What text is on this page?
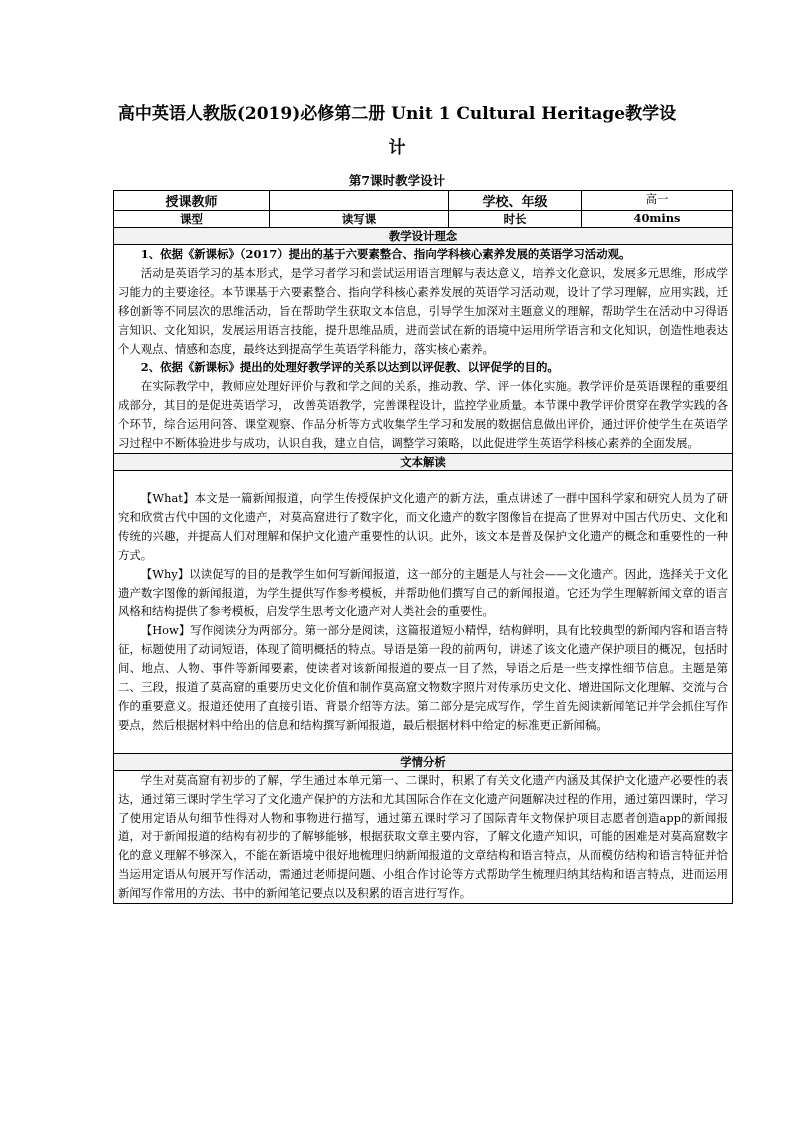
高中英语人教版(2019)必修第二册 Unit 1 Cultural Heritage教学设计
第7课时教学设计
授课教师		学校、年级	高一
课型	读写课	时长	40mins
教学设计理念			

1、依据《新课标》（2017）提出的基于六要素整合、指向学科核心素养发展的英语学习活动观。

活动是英语学习的基本形式，是学习者学习和尝试运用语言理解与表达意义，培养文化意识，发展多元思维，形成学习能力的主要途径。本节课基于六要素整合、指向学科核心素养发展的英语学习活动观，设计了学习理解，应用实践，迁移创新等不同层次的思维活动，旨在帮助学生获取文本信息，引导学生加深对主题意义的理解，帮助学生在活动中习得语言知识、文化知识，发展运用语言技能，提升思维品质，进而尝试在新的语境中运用所学语言和文化知识，创造性地表达个人观点、情感和态度，最终达到提高学生英语学科能力，落实核心素养。

2、依据《新课标》提出的处理好教学评的关系以达到以评促教、以评促学的目的。

在实际教学中，教师应处理好评价与教和学之间的关系，推动教、学、评一体化实施。教学评价是英语课程的重要组成部分，其目的是促进英语学习， 改善英语教学，完善课程设计，监控学业质量。本节课中教学评价贯穿在教学实践的各个环节，综合运用问答、课堂观察、作品分析等方式收集学生学习和发展的数据信息做出评价，通过评价使学生在英语学习过程中不断体验进步与成功，认识自我，建立自信，调整学习策略，以此促进学生英语学科核心素养的全面发展。			

文本解读			

【What】本文是一篇新闻报道，向学生传授保护文化遗产的新方法，重点讲述了一群中国科学家和研究人员为了研究和欣赏古代中国的文化遗产，对莫高窟进行了数字化，而文化遗产的数字图像旨在提高了世界对中国古代历史、文化和传统的兴趣，并提高人们对理解和保护文化遗产重要性的认识。此外，该文本是普及保护文化遗产的概念和重要性的一种方式。

【Why】以读促写的目的是教学生如何写新闻报道，这一部分的主题是人与社会——文化遗产。因此，选择关于文化遗产数字图像的新闻报道，为学生提供写作参考模板，并帮助他们撰写自己的新闻报道。它还为学生理解新闻文章的语言风格和结构提供了参考模板，启发学生思考文化遗产对人类社会的重要性。

【How】写作阅读分为两部分。第一部分是阅读，这篇报道短小精悍，结构鲜明，具有比较典型的新闻内容和语言特征，标题使用了动词短语，体现了简明概括的特点。导语是第一段的前两句，讲述了该文化遗产保护项目的概况，包括时间、地点、人物、事件等新闻要素，使读者对该新闻报道的要点一目了然，导语之后是一些支撑性细节信息。主题是第二、三段，报道了莫高窟的重要历史文化价值和制作莫高窟文物数字照片对传承历史文化、增进国际文化理解、交流与合作的重要意义。报道还使用了直接引语、背景介绍等方法。第二部分是完成写作，学生首先阅读新闻笔记并学会抓住写作要点，然后根据材料中给出的信息和结构撰写新闻报道，最后根据材料中给定的标准更正新闻稿。			

学情分析			

学生对莫高窟有初步的了解，学生通过本单元第一、二课时，积累了有关文化遗产内涵及其保护文化遗产必要性的表达，通过第三课时学生学习了文化遗产保护的方法和尤其国际合作在文化遗产问题解决过程的作用，通过第四课时，学习了使用定语从句细节性得对人物和事物进行描写，通过第五课时学习了国际青年文物保护项目志愿者创造app的新闻报道，对于新闻报道的结构有初步的了解够能够，根据获取文章主要内容，了解文化遗产知识，可能的困难是对莫高窟数字化的意义理解不够深入，不能在新语境中很好地梳理归纳新闻报道的文章结构和语言特点，从而模仿结构和语言特征并恰当运用定语从句展开写作活动，需通过老师提问题、小组合作讨论等方式帮助学生梳理归纳其结构和语言特点，进而运用新闻写作常用的方法、书中的新闻笔记要点以及积累的语言进行写作。			
